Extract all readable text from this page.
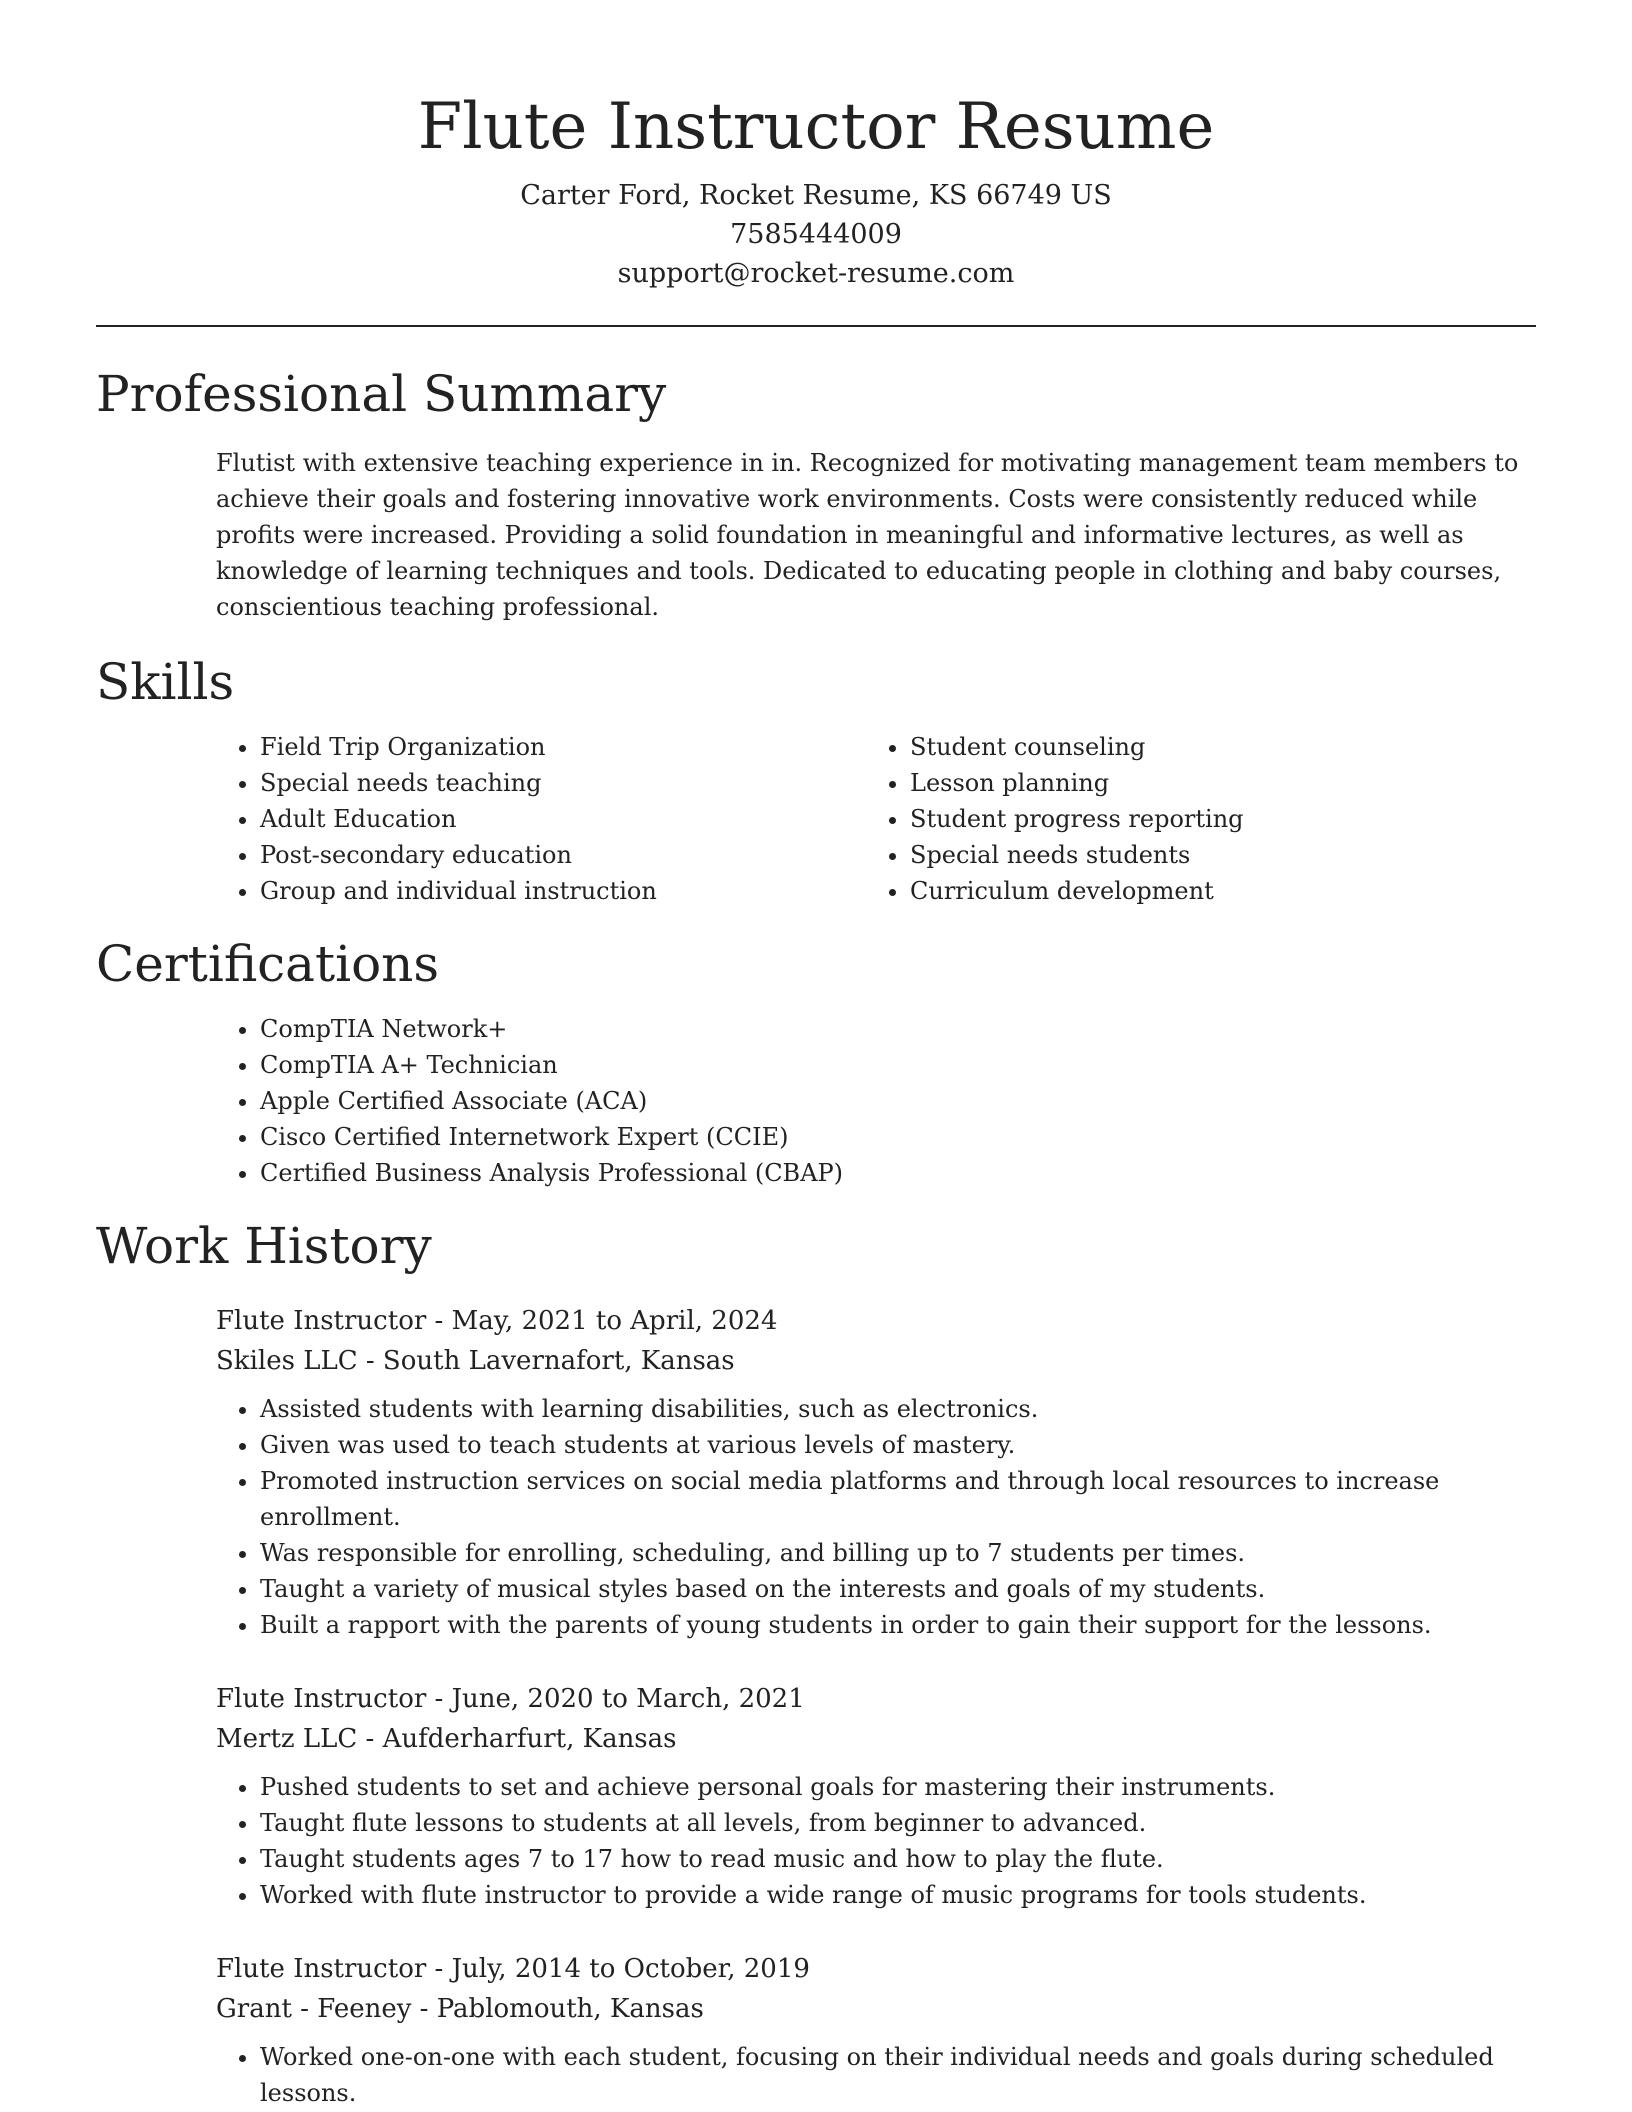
Flute Instructor Resume
Carter Ford, Rocket Resume, KS 66749 US
7585444009
support@rocket-resume.com
Professional Summary

Flutist with extensive teaching experience in in. Recognized for motivating management team members to achieve their goals and fostering innovative work environments. Costs were consistently reduced while profits were increased. Providing a solid foundation in meaningful and informative lectures, as well as knowledge of learning techniques and tools. Dedicated to educating people in clothing and baby courses, conscientious teaching professional.

Skills
• Field Trip Organization
• Special needs teaching
• Adult Education
• Post-secondary education
• Group and individual instruction
• Student counseling
• Lesson planning
• Student progress reporting
• Special needs students
• Curriculum development
Certifications
• CompTIA Network+
• CompTIA A+ Technician
• Apple Certified Associate (ACA)
• Cisco Certified Internetwork Expert (CCIE)
• Certified Business Analysis Professional (CBAP)
Work History
Flute Instructor - May, 2021 to April, 2024
Skiles LLC - South Lavernafort, Kansas
• Assisted students with learning disabilities, such as electronics.
• Given was used to teach students at various levels of mastery.
• Promoted instruction services on social media platforms and through local resources to increase enrollment.
• Was responsible for enrolling, scheduling, and billing up to 7 students per times.
• Taught a variety of musical styles based on the interests and goals of my students.
• Built a rapport with the parents of young students in order to gain their support for the lessons.
Flute Instructor - June, 2020 to March, 2021
Mertz LLC - Aufderharfurt, Kansas
• Pushed students to set and achieve personal goals for mastering their instruments.
• Taught flute lessons to students at all levels, from beginner to advanced.
• Taught students ages 7 to 17 how to read music and how to play the flute.
• Worked with flute instructor to provide a wide range of music programs for tools students.
Flute Instructor - July, 2014 to October, 2019
Grant - Feeney - Pablomouth, Kansas
• Worked one-on-one with each student, focusing on their individual needs and goals during scheduled lessons.
